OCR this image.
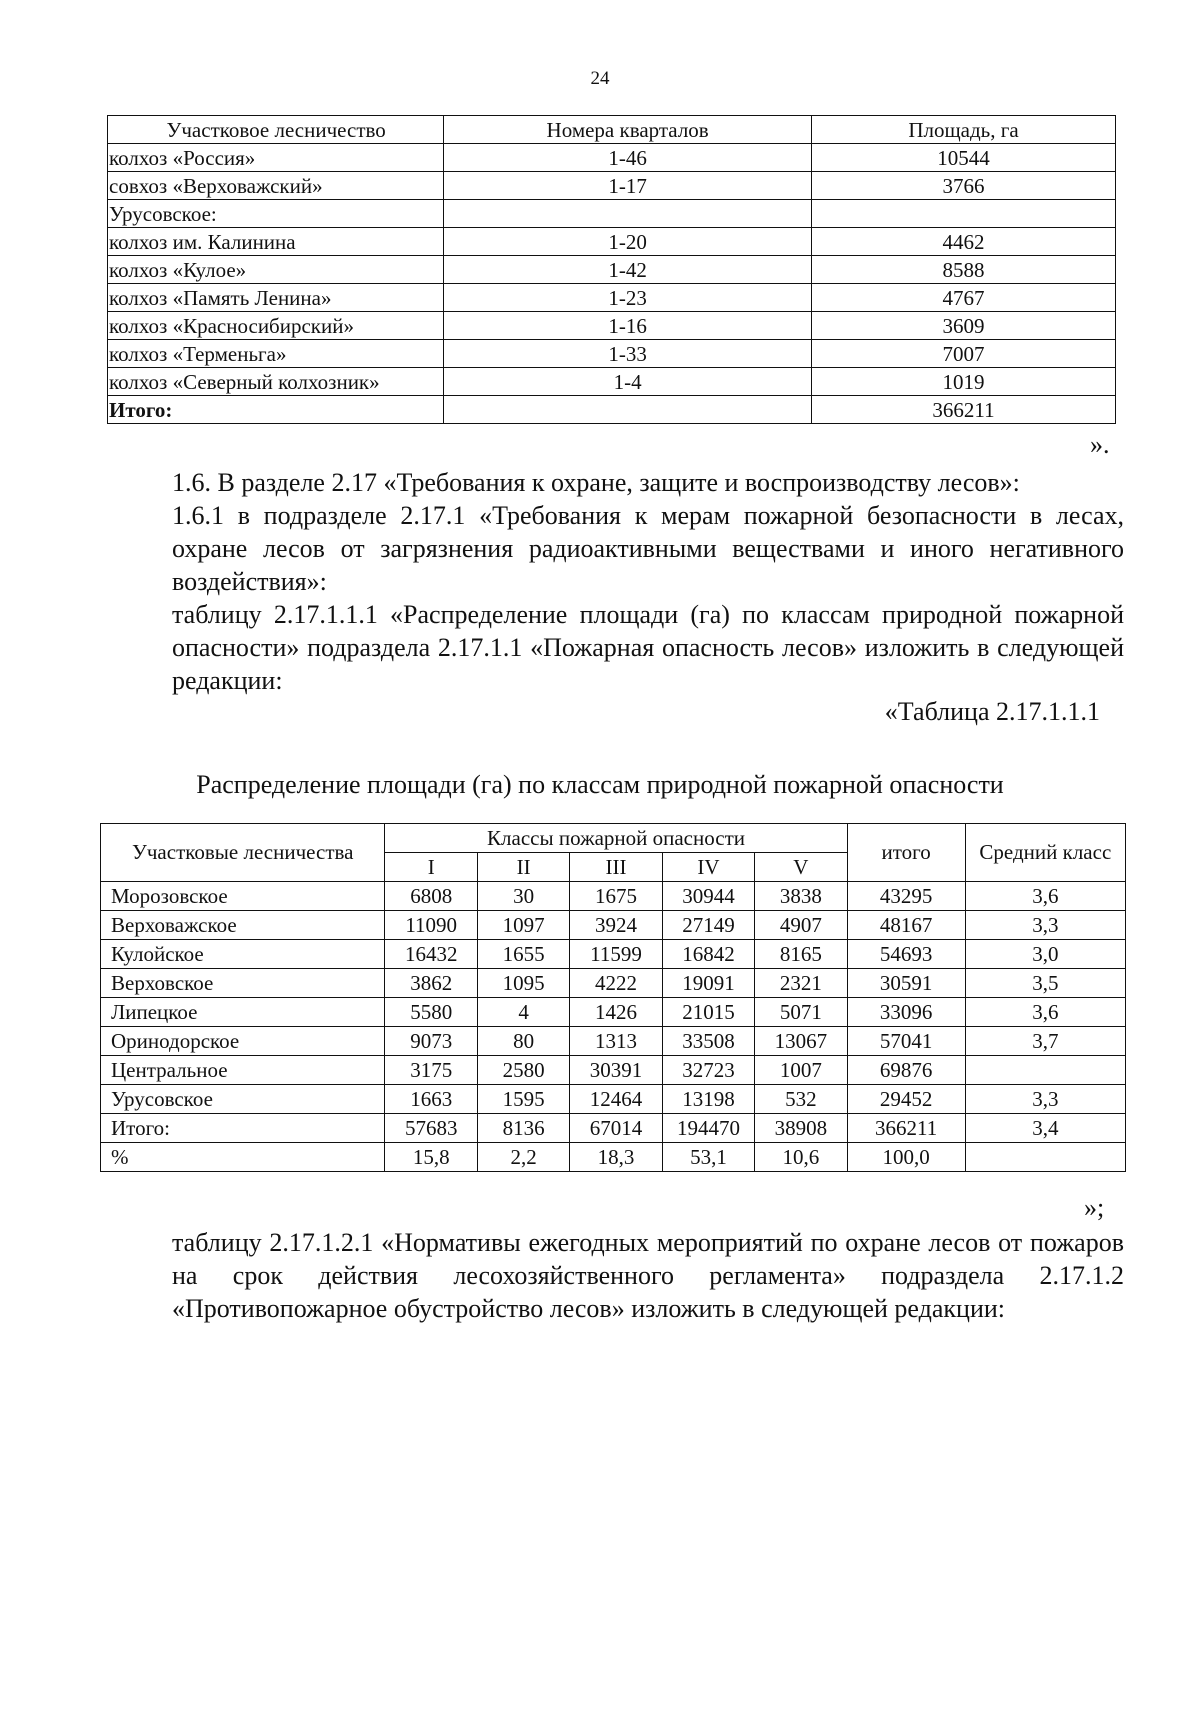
24
Участковое лесничество	Номера кварталов	Площадь, га
колхоз «Россия»	1-46	10544
совхоз «Верховажский»	1-17	3766
Урусовское:		
колхоз им. Калинина	1-20	4462
колхоз «Кулое»	1-42	8588
колхоз «Память Ленина»	1-23	4767
колхоз «Красносибирский»	1-16	3609
колхоз «Терменьга»	1-33	7007
колхоз «Северный колхозник»	1-4	1019
Итого:		366211
».
1.6. В разделе 2.17 «Требования к охране, защите и воспроизводству лесов»:
1.6.1 в подразделе 2.17.1 «Требования к мерам пожарной безопасности в лесах, охране лесов от загрязнения радиоактивными веществами и иного негативного воздействия»:
таблицу 2.17.1.1.1 «Распределение площади (га) по классам природной пожарной опасности» подраздела 2.17.1.1 «Пожарная опасность лесов» изложить в следующей редакции:
«Таблица 2.17.1.1.1
Распределение площади (га) по классам природной пожарной опасности
Участковые лесничества	Классы пожарной опасности					итого	Средний класс
	I	II	III	IV	V		
Морозовское	6808	30	1675	30944	3838	43295	3,6
Верховажское	11090	1097	3924	27149	4907	48167	3,3
Кулойское	16432	1655	11599	16842	8165	54693	3,0
Верховское	3862	1095	4222	19091	2321	30591	3,5
Липецкое	5580	4	1426	21015	5071	33096	3,6
Оринодорское	9073	80	1313	33508	13067	57041	3,7
Центральное	3175	2580	30391	32723	1007	69876	
Урусовское	1663	1595	12464	13198	532	29452	3,3
Итого:	57683	8136	67014	194470	38908	366211	3,4
%	15,8	2,2	18,3	53,1	10,6	100,0	
»;
таблицу 2.17.1.2.1 «Нормативы ежегодных мероприятий по охране лесов от пожаров на срок действия лесохозяйственного регламента» подраздела 2.17.1.2 «Противопожарное обустройство лесов» изложить в следующей редакции:
